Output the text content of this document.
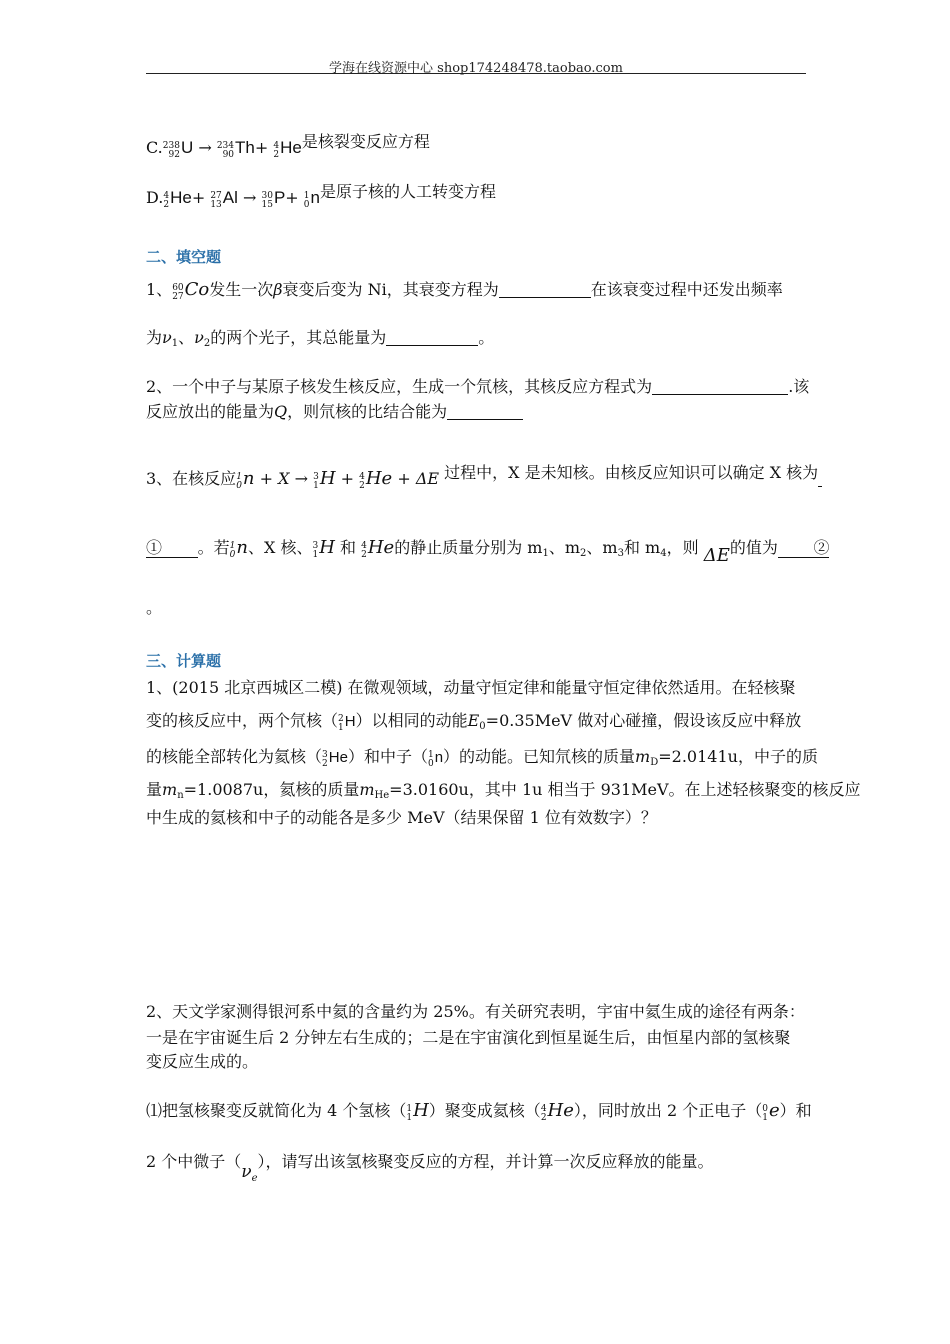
学海在线资源中心 shop174248478.taobao.com
C. 238
92 U → 234
90 Th+ 4
2 He是核裂变反应方程
D. 4
2 He+ 27
13 Al → 30
15 P+ 1
0 n是原子核的人工转变方程
二、填空题
1、 60
27 Co发生一次β衰变后变为 Ni，其衰变方程为	在该衰变过程中还发出频率
为$\nu_1$、$\nu_2$的两个光子，其总能量为	。
2、一个中子与某原子核发生核反应，生成一个氘核，其核反应方程式为	.该
反应放出的能量为Q，则氘核的比结合能为
3、在核反应 1
0 n + X → 3
1 H + 4
2 He + ΔE 过程中，X 是未知核。由核反应知识可以确定 X 核为
① 。若 1
0 n、X 核、 3
1 H 和 4
2 He的静止质量分别为 $m_1$、$m_2$、$m_3$和 $m_4$，则 ΔE的值为 ②
。
三、计算题
1、(2015 北京西城区二模) 在微观领域，动量守恒定律和能量守恒定律依然适用。在轻核聚
变的核反应中，两个氘核（ 2
1 H）以相同的动能$E_0=0.35MeV$ 做对心碰撞，假设该反应中释放
的核能全部转化为氦核（ 3
2 He）和中子（ 1
0 n）的动能。已知氘核的质量$m_D=2.0141u$，中子的质
量$m_n=1.0087u$，氦核的质量$m_{He}=3.0160u$，其中 1u 相当于 931MeV。在上述轻核聚变的核反应
中生成的氦核和中子的动能各是多少 MeV（结果保留 1 位有效数字）？
2、天文学家测得银河系中氦的含量约为 25%。有关研究表明，宇宙中氦生成的途径有两条：
一是在宇宙诞生后 2 分钟左右生成的；二是在宇宙演化到恒星诞生后，由恒星内部的氢核聚
变反应生成的。
⑴把氢核聚变反就简化为 4 个氢核（ 1
1 H）聚变成氦核（ 4
2 He），同时放出 2 个正电子（ 0
1 e）和
2 个中微子$(\nu_e)$，请写出该氢核聚变反应的方程，并计算一次反应释放的能量。
